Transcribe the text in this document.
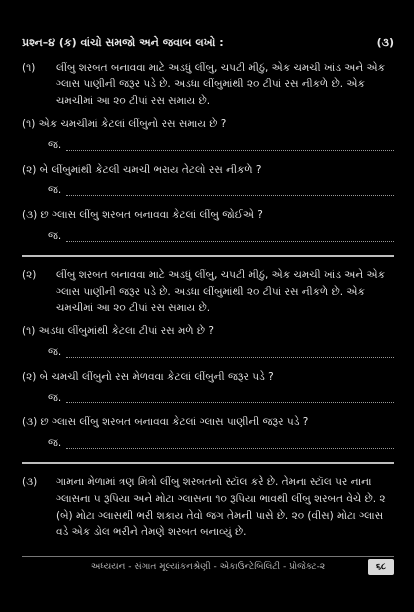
પ્રશ્ન–૪ (ક) વાંચો સમજો અને જવાબ લખો :	(૩)
(૧)	લીંબુ શરબત બનાવવા માટે અડધું લીંબુ, ચપટી મીઠું, એક ચમચી ખાંડ અને એક ગ્લાસ પાણીની જરૂર પડે છે. અડધા લીંબુમાંથી ૨૦ ટીપાં રસ નીકળે છે. એક ચમચીમાં આ ૨૦ ટીપાં રસ સમાય છે.
(૧) એક ચમચીમાં કેટલાં લીંબુનો રસ સમાય છે ?
જ.
(૨) બે લીંબુમાંથી કેટલી ચમચી ભરાય તેટલો રસ નીકળે ?
જ.
(૩) છ ગ્લાસ લીંબુ શરબત બનાવવા કેટલાં લીંબુ જોઈએ ?
જ.
(૨)	લીંબુ શરબત બનાવવા માટે અડધું લીંબુ, ચપટી મીઠું, એક ચમચી ખાંડ અને એક ગ્લાસ પાણીની જરૂર પડે છે. અડધા લીંબુમાંથી ૨૦ ટીપાં રસ નીકળે છે. એક ચમચીમાં આ ૨૦ ટીપાં રસ સમાય છે.
(૧) અડધા લીંબુમાંથી કેટલા ટીપાં રસ મળે છે ?
જ.
(૨) બે ચમચી લીંબુનો રસ મેળવવા કેટલાં લીંબુની જરૂર પડે ?
જ.
(૩) છ ગ્લાસ લીંબુ શરબત બનાવવા કેટલાં ગ્લાસ પાણીની જરૂર પડે ?
જ.
(૩)	ગામના મેળામાં ત્રણ મિત્રો લીંબુ શરબતનો સ્ટૉલ કરે છે. તેમના સ્ટૉલ પર નાના ગ્લાસના ૫ રૂપિયા અને મોટા ગ્લાસના ૧૦ રૂપિયા ભાવથી લીંબુ શરબત વેચે છે. ૨ (બે) મોટા ગ્લાસથી ભરી શકાય તેવો જગ તેમની પાસે છે. ૨૦ (વીસ) મોટા ગ્લાસ વડે એક ડોલ ભરીને તેમણે શરબત બનાવ્યું છે.
અધ્યયન - સંગાત મૂલ્યાંકનશ્રેણી - એકાઉન્ટેબિલિટી - પ્રોજેક્ટ-૨	૬૮
